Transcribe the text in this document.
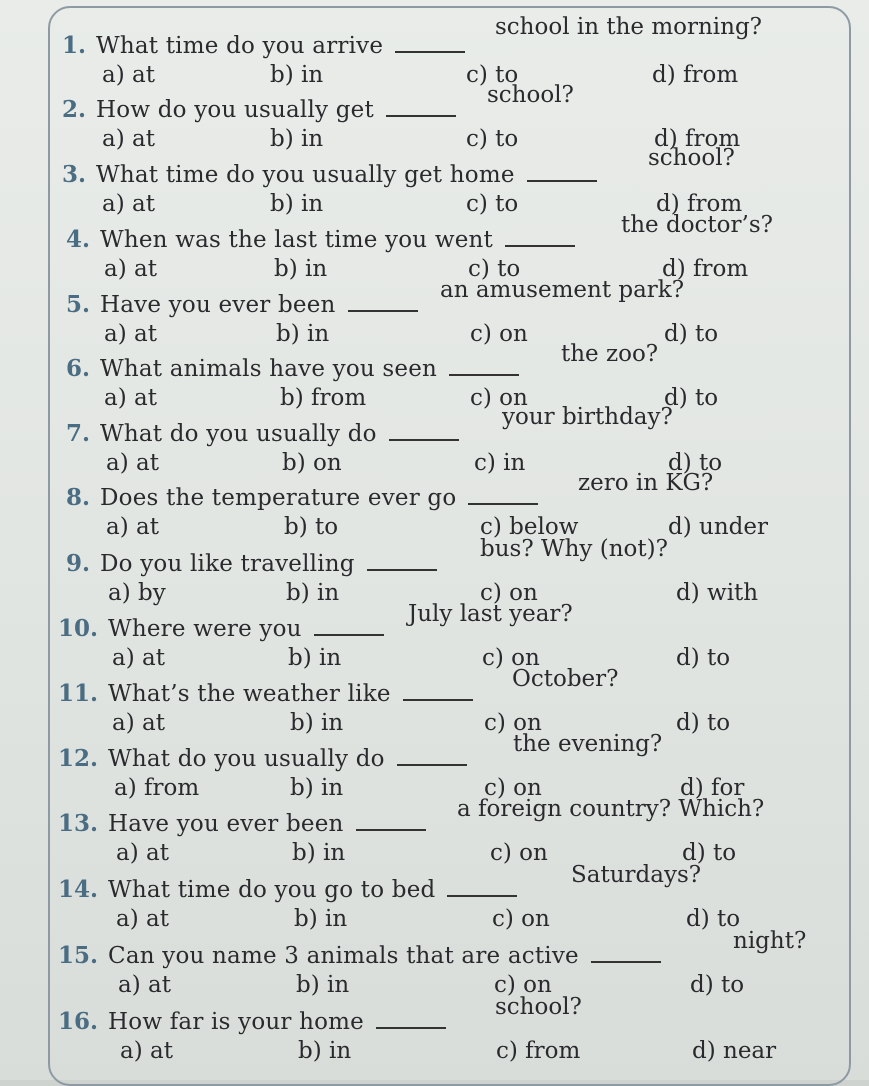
1. What time do you arrive
school in the morning?
a) at	b) in	c) to	d) from
2. How do you usually get
school?
a) at	b) in	c) to	d) from
3. What time do you usually get home
school?
a) at	b) in	c) to	d) from
4. When was the last time you went
the doctor’s?
a) at	b) in	c) to	d) from
5. Have you ever been
an amusement park?
a) at	b) in	c) on	d) to
6. What animals have you seen
the zoo?
a) at	b) from	c) on	d) to
7. What do you usually do
your birthday?
a) at	b) on	c) in	d) to
8. Does the temperature ever go
zero in KG?
a) at	b) to	c) below	d) under
9. Do you like travelling
bus? Why (not)?
a) by	b) in	c) on	d) with
10. Where were you
July last year?
a) at	b) in	c) on	d) to
11. What’s the weather like
October?
a) at	b) in	c) on	d) to
12. What do you usually do
the evening?
a) from	b) in	c) on	d) for
13. Have you ever been
a foreign country? Which?
a) at	b) in	c) on	d) to
14. What time do you go to bed
Saturdays?
a) at	b) in	c) on	d) to
15. Can you name 3 animals that are active
night?
a) at	b) in	c) on	d) to
16. How far is your home
school?
a) at	b) in	c) from	d) near
